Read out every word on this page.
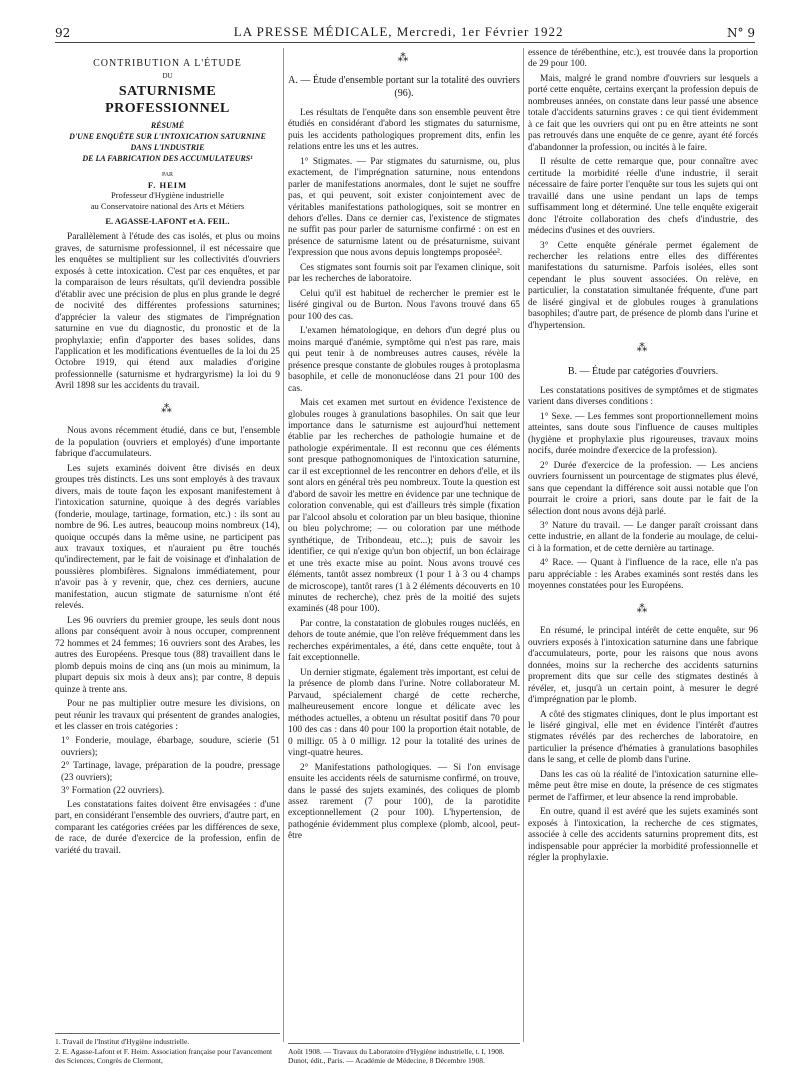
92	LA PRESSE MÉDICALE, Mercredi, 1er Février 1922	N° 9
CONTRIBUTION A L'ÉTUDE
DU
SATURNISME PROFESSIONNEL
RÉSUMÉ
D'UNE ENQUÊTE SUR L'INTOXICATION SATURNINE
DANS L'INDUSTRIE
DE LA FABRICATION DES ACCUMULATEURS¹
PAR
F. HEIM
Professeur d'Hygiène industrielle
au Conservatoire national des Arts et Métiers
E. AGASSE-LAFONT et A. FEIL.

Parallèlement à l'étude des cas isolés, et plus ou moins graves, de saturnisme professionnel, il est nécessaire que les enquêtes se multiplient sur les collectivités d'ouvriers exposés à cette intoxication. C'est par ces enquêtes, et par la comparaison de leurs résultats, qu'il deviendra possible d'établir avec une précision de plus en plus grande le degré de nocivité des différentes professions saturnines; d'apprécier la valeur des stigmates de l'imprégnation saturnine en vue du diagnostic, du pronostic et de la prophylaxie; enfin d'apporter des bases solides, dans l'application et les modifications éventuelles de la loi du 25 Octobre 1919, qui étend aux maladies d'origine professionnelle (saturnisme et hydrargyrisme) la loi du 9 Avril 1898 sur les accidents du travail.

⁂

Nous avons récemment étudié, dans ce but, l'ensemble de la population (ouvriers et employés) d'une importante fabrique d'accumulateurs.

Les sujets examinés doivent être divisés en deux groupes très distincts. Les uns sont employés à des travaux divers, mais de toute façon les exposant manifestement à l'intoxication saturnine, quoique à des degrés variables (fonderie, moulage, tartinage, formation, etc.) : ils sont au nombre de 96. Les autres, beaucoup moins nombreux (14), quoique occupés dans la même usine, ne participent pas aux travaux toxiques, et n'auraient pu être touchés qu'indirectement, par le fait de voisinage et d'inhalation de poussières plombifères. Signalons immédiatement, pour n'avoir pas à y revenir, que, chez ces derniers, aucune manifestation, aucun stigmate de saturnisme n'ont été relevés.

Les 96 ouvriers du premier groupe, les seuls dont nous allons par conséquent avoir à nous occuper, comprennent 72 hommes et 24 femmes; 16 ouvriers sont des Arabes, les autres des Européens. Presque tous (88) travaillent dans le plomb depuis moins de cinq ans (un mois au minimum, la plupart depuis six mois à deux ans); par contre, 8 depuis quinze à trente ans.

Pour ne pas multiplier outre mesure les divisions, on peut réunir les travaux qui présentent de grandes analogies, et les classer en trois catégories :

1° Fonderie, moulage, ébarbage, soudure, scierie (51 ouvriers);

2° Tartinage, lavage, préparation de la poudre, pressage (23 ouvriers);

3° Formation (22 ouvriers).

Les constatations faites doivent être envisagées : d'une part, en considérant l'ensemble des ouvriers, d'autre part, en comparant les catégories créées par les différences de sexe, de race, de durée d'exercice de la profession, enfin de variété du travail.

⁂
A. — Étude d'ensemble portant sur la totalité des ouvriers (96).

Les résultats de l'enquête dans son ensemble peuvent être étudiés en considérant d'abord les stigmates du saturnisme, puis les accidents pathologiques proprement dits, enfin les relations entre les uns et les autres.

1° Stigmates. — Par stigmates du saturnisme, ou, plus exactement, de l'imprégnation saturnine, nous entendons parler de manifestations anormales, dont le sujet ne souffre pas, et qui peuvent, soit exister conjointement avec de véritables manifestations pathologiques, soit se montrer en dehors d'elles. Dans ce dernier cas, l'existence de stigmates ne suffit pas pour parler de saturnisme confirmé : on est en présence de saturnisme latent ou de présaturnisme, suivant l'expression que nous avons depuis longtemps proposée².

Ces stigmates sont fournis soit par l'examen clinique, soit par les recherches de laboratoire.

Celui qu'il est habituel de rechercher le premier est le liséré gingival ou de Burton. Nous l'avons trouvé dans 65 pour 100 des cas.

L'examen hématologique, en dehors d'un degré plus ou moins marqué d'anémie, symptôme qui n'est pas rare, mais qui peut tenir à de nombreuses autres causes, révèle la présence presque constante de globules rouges à protoplasma basophile, et celle de mononucléose dans 21 pour 100 des cas.

Mais cet examen met surtout en évidence l'existence de globules rouges à granulations basophiles. On sait que leur importance dans le saturnisme est aujourd'hui nettement établie par les recherches de pathologie humaine et de pathologie expérimentale. Il est reconnu que ces éléments sont presque pathognomoniques de l'intoxication saturnine, car il est exceptionnel de les rencontrer en dehors d'elle, et ils sont alors en général très peu nombreux. Toute la question est d'abord de savoir les mettre en évidence par une technique de coloration convenable, qui est d'ailleurs très simple (fixation par l'alcool absolu et coloration par un bleu basique, thionine ou bleu polychrome; — ou coloration par une méthode synthétique, de Tribondeau, etc...); puis de savoir les identifier, ce qui n'exige qu'un bon objectif, un bon éclairage et une très exacte mise au point. Nous avons trouvé ces éléments, tantôt assez nombreux (1 pour 1 à 3 ou 4 champs de microscope), tantôt rares (1 à 2 éléments découverts en 10 minutes de recherche), chez près de la moitié des sujets examinés (48 pour 100).

Par contre, la constatation de globules rouges nucléés, en dehors de toute anémie, que l'on relève fréquemment dans les recherches expérimentales, a été, dans cette enquête, tout à fait exceptionnelle.

Un dernier stigmate, également très important, est celui de la présence de plomb dans l'urine. Notre collaborateur M. Parvaud, spécialement chargé de cette recherche, malheureusement encore longue et délicate avec les méthodes actuelles, a obtenu un résultat positif dans 70 pour 100 des cas : dans 40 pour 100 la proportion était notable, de 0 milligr. 05 à 0 milligr. 12 pour la totalité des urines de vingt-quatre heures.

2° Manifestations pathologiques. — Si l'on envisage ensuite les accidents réels de saturnisme confirmé, on trouve, dans le passé des sujets examinés, des coliques de plomb assez rarement (7 pour 100), de la parotidite exceptionnellement (2 pour 100). L'hypertension, de pathogénie évidemment plus complexe (plomb, alcool, peut-être

essence de térébenthine, etc.), est trouvée dans la proportion de 29 pour 100.

Mais, malgré le grand nombre d'ouvriers sur lesquels a porté cette enquête, certains exerçant la profession depuis de nombreuses années, on constate dans leur passé une absence totale d'accidents saturnins graves : ce qui tient évidemment à ce fait que les ouvriers qui ont pu en être atteints ne sont pas retrouvés dans une enquête de ce genre, ayant été forcés d'abandonner la profession, ou incités à le faire.

Il résulte de cette remarque que, pour connaître avec certitude la morbidité réelle d'une industrie, il serait nécessaire de faire porter l'enquête sur tous les sujets qui ont travaillé dans une usine pendant un laps de temps suffisamment long et déterminé. Une telle enquête exigerait donc l'étroite collaboration des chefs d'industrie, des médecins d'usines et des ouvriers.

3° Cette enquête générale permet également de rechercher les relations entre elles des différentes manifestations du saturnisme. Parfois isolées, elles sont cependant le plus souvent associées. On relève, en particulier, la constatation simultanée fréquente, d'une part de liséré gingival et de globules rouges à granulations basophiles; d'autre part, de présence de plomb dans l'urine et d'hypertension.

⁂
B. — Étude par catégories d'ouvriers.

Les constatations positives de symptômes et de stigmates varient dans diverses conditions :

1° Sexe. — Les femmes sont proportionnellement moins atteintes, sans doute sous l'influence de causes multiples (hygiène et prophylaxie plus rigoureuses, travaux moins nocifs, durée moindre d'exercice de la profession).

2° Durée d'exercice de la profession. — Les anciens ouvriers fournissent un pourcentage de stigmates plus élevé, sans que cependant la différence soit aussi notable que l'on pourrait le croire a priori, sans doute par le fait de la sélection dont nous avons déjà parlé.

3° Nature du travail. — Le danger paraît croissant dans cette industrie, en allant de la fonderie au moulage, de celui-ci à la formation, et de cette dernière au tartinage.

4° Race. — Quant à l'influence de la race, elle n'a pas paru appréciable : les Arabes examinés sont restés dans les moyennes constatées pour les Européens.

⁂

En résumé, le principal intérêt de cette enquête, sur 96 ouvriers exposés à l'intoxication saturnine dans une fabrique d'accumulateurs, porte, pour les raisons que nous avons données, moins sur la recherche des accidents saturnins proprement dits que sur celle des stigmates destinés à révéler, et, jusqu'à un certain point, à mesurer le degré d'imprégnation par le plomb.

A côté des stigmates cliniques, dont le plus important est le liséré gingival, elle met en évidence l'intérêt d'autres stigmates révélés par des recherches de laboratoire, en particulier la présence d'hématies à granulations basophiles dans le sang, et celle de plomb dans l'urine.

Dans les cas où la réalité de l'intoxication saturnine elle-même peut être mise en doute, la présence de ces stigmates permet de l'affirmer, et leur absence la rend improbable.

En outre, quand il est avéré que les sujets examinés sont exposés à l'intoxication, la recherche de ces stigmates, associée à celle des accidents saturnins proprement dits, est indispensable pour apprécier la morbidité professionnelle et régler la prophylaxie.

1. Travail de l'Institut d'Hygiène industrielle.
2. E. Agasse-Lafont et F. Heim. Association française pour l'avancement des Sciences, Congrès de Clermont,
Août 1908. — Travaux du Laboratoire d'Hygiène industrielle, t. I, 1908. Dunot, édit., Paris. — Académie de Médecine, 8 Décembre 1908.
